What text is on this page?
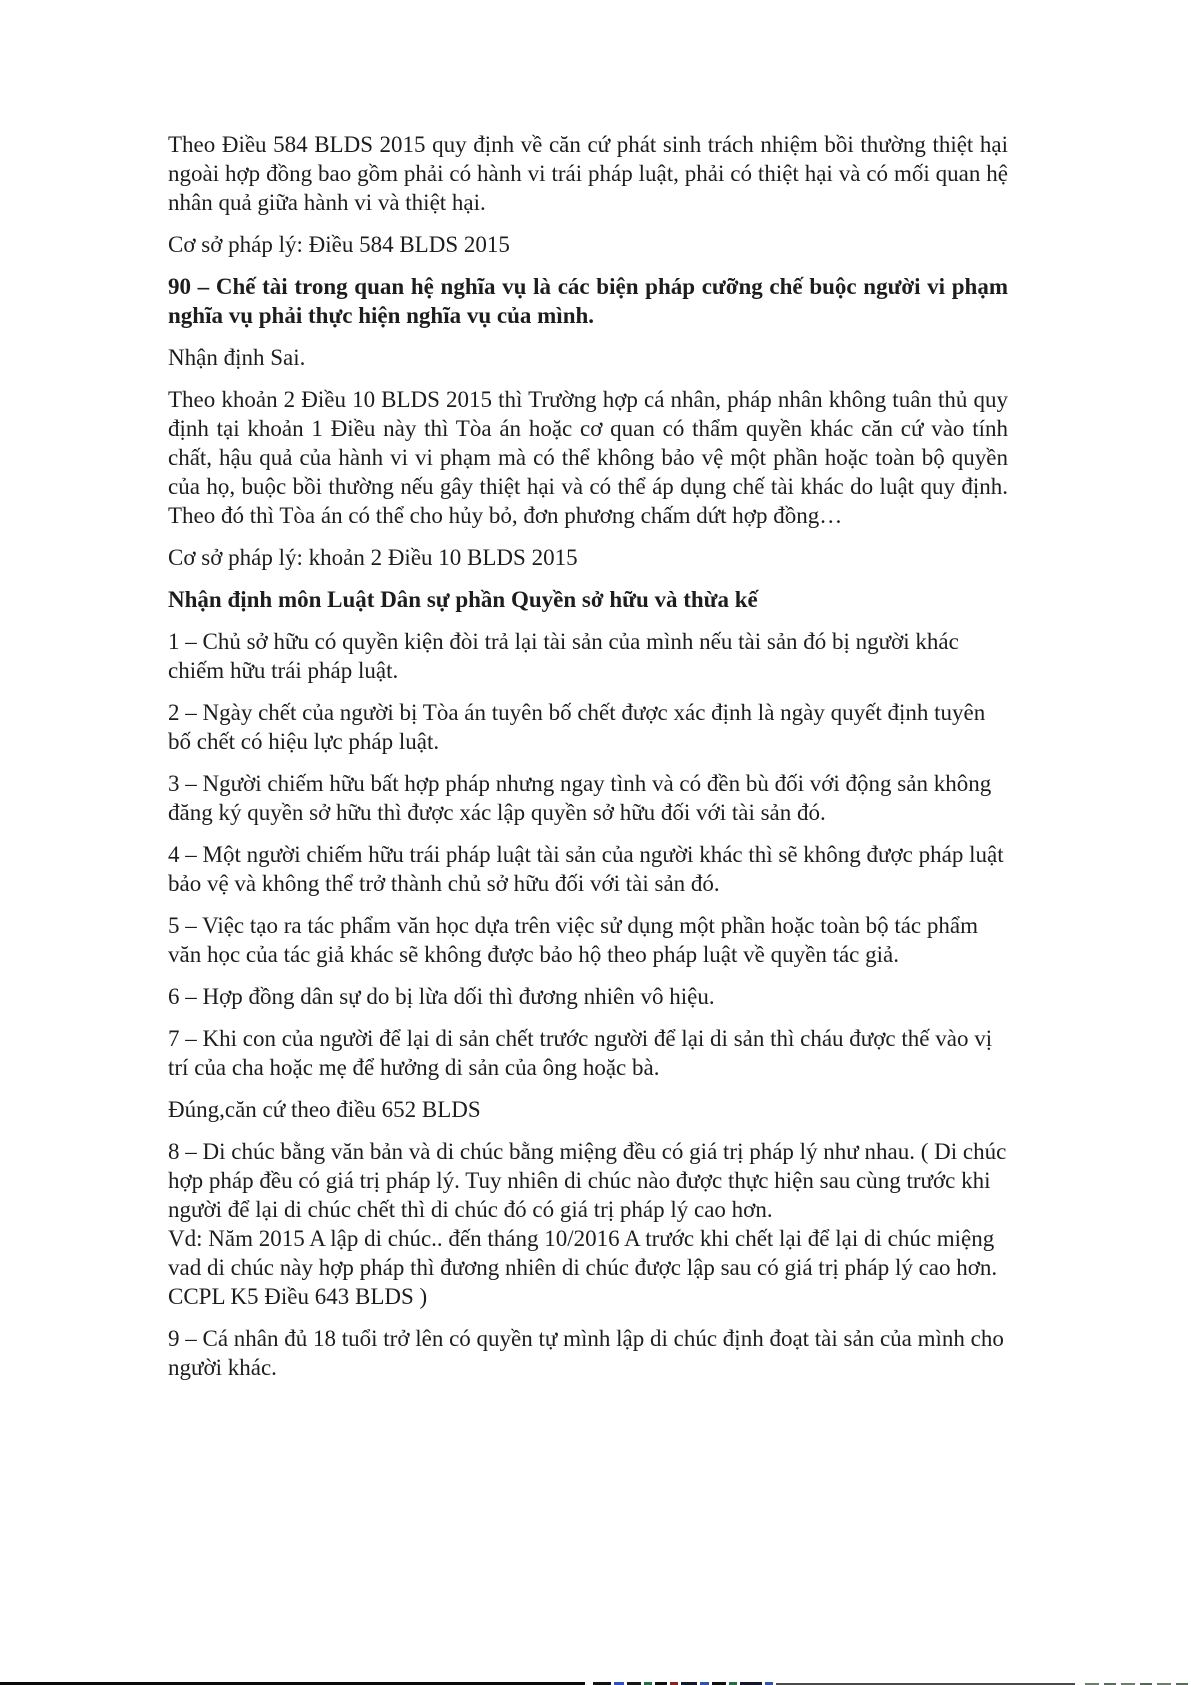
Theo Điều 584 BLDS 2015 quy định về căn cứ phát sinh trách nhiệm bồi thường thiệt hại ngoài hợp đồng bao gồm phải có hành vi trái pháp luật, phải có thiệt hại và có mối quan hệ nhân quả giữa hành vi và thiệt hại.

Cơ sở pháp lý: Điều 584 BLDS 2015

90 – Chế tài trong quan hệ nghĩa vụ là các biện pháp cưỡng chế buộc người vi phạm nghĩa vụ phải thực hiện nghĩa vụ của mình.

Nhận định Sai.

Theo khoản 2 Điều 10 BLDS 2015 thì Trường hợp cá nhân, pháp nhân không tuân thủ quy định tại khoản 1 Điều này thì Tòa án hoặc cơ quan có thẩm quyền khác căn cứ vào tính chất, hậu quả của hành vi vi phạm mà có thể không bảo vệ một phần hoặc toàn bộ quyền của họ, buộc bồi thường nếu gây thiệt hại và có thể áp dụng chế tài khác do luật quy định. Theo đó thì Tòa án có thể cho hủy bỏ, đơn phương chấm dứt hợp đồng…

Cơ sở pháp lý: khoản 2 Điều 10 BLDS 2015

Nhận định môn Luật Dân sự phần Quyền sở hữu và thừa kế

1 – Chủ sở hữu có quyền kiện đòi trả lại tài sản của mình nếu tài sản đó bị người khác chiếm hữu trái pháp luật.

2 – Ngày chết của người bị Tòa án tuyên bố chết được xác định là ngày quyết định tuyên bố chết có hiệu lực pháp luật.

3 – Người chiếm hữu bất hợp pháp nhưng ngay tình và có đền bù đối với động sản không đăng ký quyền sở hữu thì được xác lập quyền sở hữu đối với tài sản đó.

4 – Một người chiếm hữu trái pháp luật tài sản của người khác thì sẽ không được pháp luật bảo vệ và không thể trở thành chủ sở hữu đối với tài sản đó.

5 – Việc tạo ra tác phẩm văn học dựa trên việc sử dụng một phần hoặc toàn bộ tác phẩm văn học của tác giả khác sẽ không được bảo hộ theo pháp luật về quyền tác giả.

6 – Hợp đồng dân sự do bị lừa dối thì đương nhiên vô hiệu.

7 – Khi con của người để lại di sản chết trước người để lại di sản thì cháu được thế vào vị trí của cha hoặc mẹ để hưởng di sản của ông hoặc bà.

Đúng,căn cứ theo điều 652 BLDS

8 – Di chúc bằng văn bản và di chúc bằng miệng đều có giá trị pháp lý như nhau. ( Di chúc hợp pháp đều có giá trị pháp lý. Tuy nhiên di chúc nào được thực hiện sau cùng trước khi người để lại di chúc chết thì di chúc đó có giá trị pháp lý cao hơn.
Vd: Năm 2015 A lập di chúc.. đến tháng 10/2016 A trước khi chết lại để lại di chúc miệng vad di chúc này hợp pháp thì đương nhiên di chúc được lập sau có giá trị pháp lý cao hơn. CCPL K5 Điều 643 BLDS )

9 – Cá nhân đủ 18 tuổi trở lên có quyền tự mình lập di chúc định đoạt tài sản của mình cho người khác.
